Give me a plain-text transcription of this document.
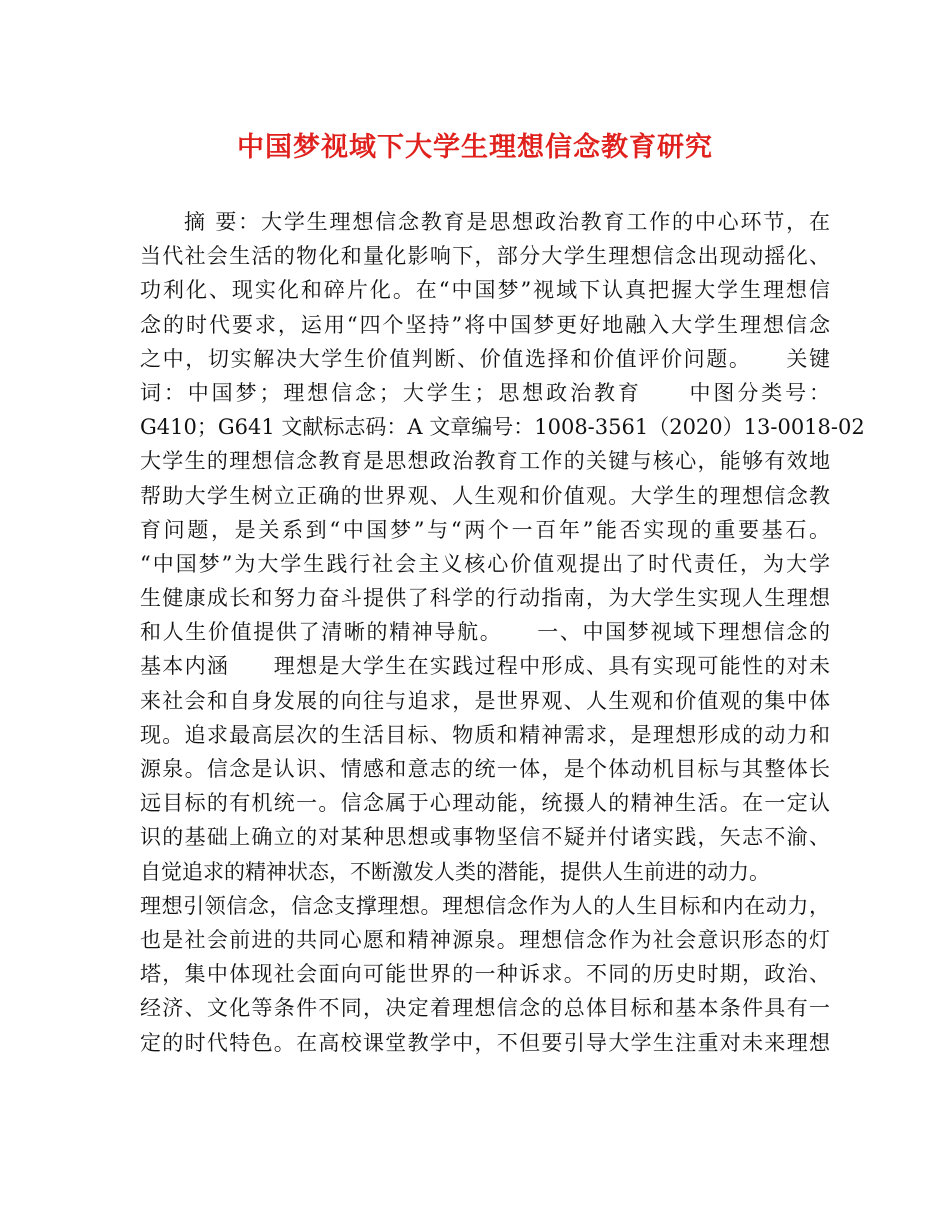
中国梦视域下大学生理想信念教育研究
摘 要：大学生理想信念教育是思想政治教育工作的中心环节，在
当代社会生活的物化和量化影响下，部分大学生理想信念出现动摇化、
功利化、现实化和碎片化。在“中国梦”视域下认真把握大学生理想信
念的时代要求，运用“四个坚持”将中国梦更好地融入大学生理想信念
之中，切实解决大学生价值判断、价值选择和价值评价问题。　　关键
词：中国梦；理想信念；大学生；思想政治教育　　中图分类号：
G410；G641 文献标志码：A 文章编号：1008-3561（2020）13-0018-02
大学生的理想信念教育是思想政治教育工作的关键与核心，能够有效地
帮助大学生树立正确的世界观、人生观和价值观。大学生的理想信念教
育问题，是关系到“中国梦”与“两个一百年”能否实现的重要基石。
“中国梦”为大学生践行社会主义核心价值观提出了时代责任，为大学
生健康成长和努力奋斗提供了科学的行动指南，为大学生实现人生理想
和人生价值提供了清晰的精神导航。　　一、中国梦视域下理想信念的
基本内涵　　理想是大学生在实践过程中形成、具有实现可能性的对未
来社会和自身发展的向往与追求，是世界观、人生观和价值观的集中体
现。追求最高层次的生活目标、物质和精神需求，是理想形成的动力和
源泉。信念是认识、情感和意志的统一体，是个体动机目标与其整体长
远目标的有机统一。信念属于心理动能，统摄人的精神生活。在一定认
识的基础上确立的对某种思想或事物坚信不疑并付诸实践，矢志不渝、
自觉追求的精神状态，不断激发人类的潜能，提供人生前进的动力。
理想引领信念，信念支撑理想。理想信念作为人的人生目标和内在动力，
也是社会前进的共同心愿和精神源泉。理想信念作为社会意识形态的灯
塔，集中体现社会面向可能世界的一种诉求。不同的历史时期，政治、
经济、文化等条件不同，决定着理想信念的总体目标和基本条件具有一
定的时代特色。在高校课堂教学中，不但要引导大学生注重对未来理想
